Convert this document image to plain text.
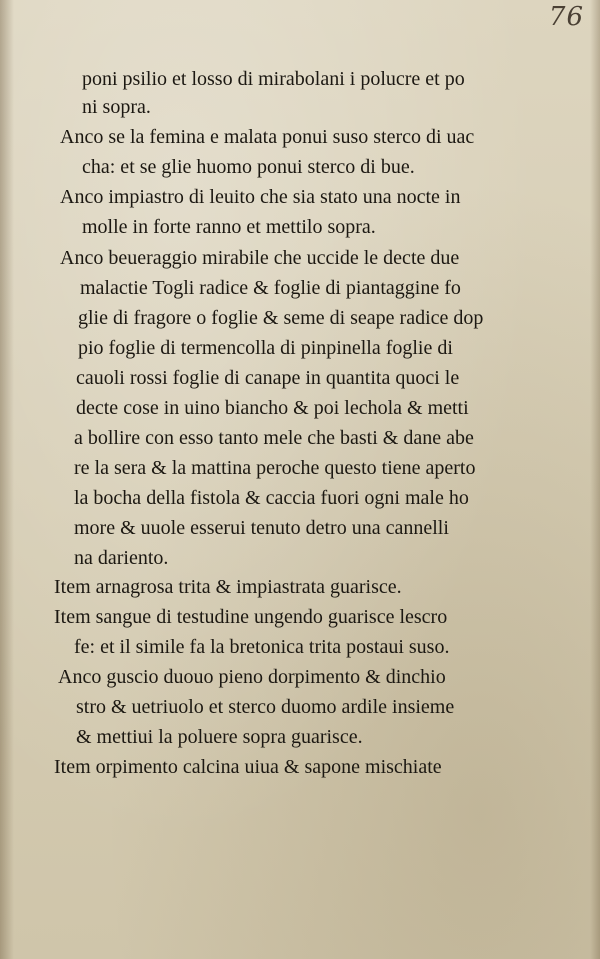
76
poni psilio et losso di mirabolani i polucre et po
ni sopra.
Anco se la femina e malata ponui suso sterco di uac
cha: et se glie huomo ponui sterco di bue.
Anco impiastro di leuito che sia stato una nocte in
molle in forte ranno et mettilo sopra.
Anco beueraggio mirabile che uccide le decte due
malactie Togli radice & foglie di piantaggine fo
glie di fragore o foglie & seme di seape radice dop
pio foglie di termencolla di pinpinella foglie di
cauoli rossi foglie di canape in quantita quoci le
decte cose in uino biancho & poi lechola & metti
a bollire con esso tanto mele che basti & dane abe
re la sera & la mattina peroche questo tiene aperto
la bocha della fistola & caccia fuori ogni male ho
more & uuole esserui tenuto detro una cannelli
na dariento.
Item arnagrosa trita & impiastrata guarisce.
Item sangue di testudine ungendo guarisce lescro
fe: et il simile fa la bretonica trita postaui suso.
Anco guscio duouo pieno dorpimento & dinchio
stro & uetriuolo et sterco duomo ardile insieme
& mettiui la poluere sopra guarisce.
Item orpimento calcina uiua & sapone mischiate
